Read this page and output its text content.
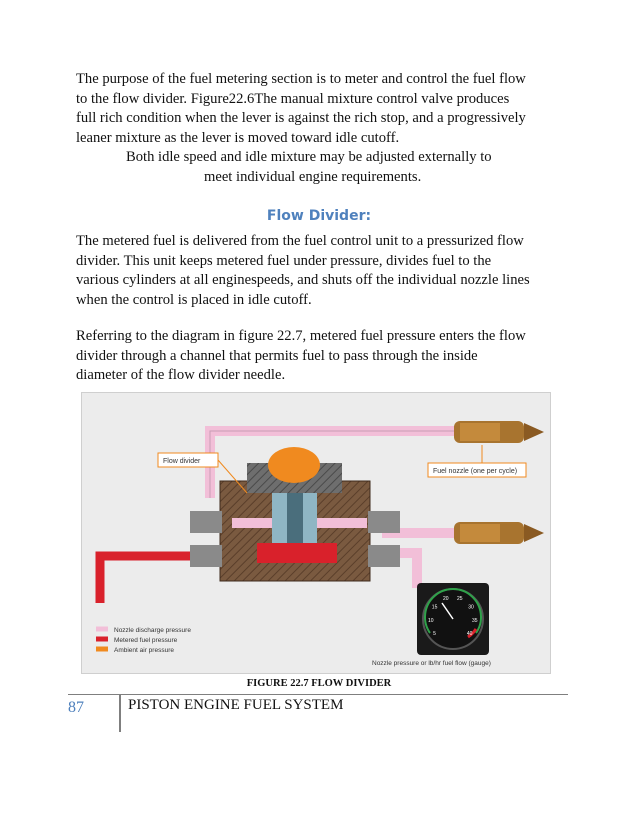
The purpose of the fuel metering section is to meter and control the fuel flow
to the flow divider. Figure22.6The manual mixture control valve produces
full rich condition when the lever is against the rich stop, and a progressively
leaner mixture as the lever is moved toward idle cutoff.
Both idle speed and idle mixture may be adjusted externally to
meet individual engine requirements.
Flow Divider:
The metered fuel is delivered from the fuel control unit to a pressurized flow
divider. This unit keeps metered fuel under pressure, divides fuel to the
various cylinders at all enginespeeds, and shuts off the individual nozzle lines
when the control is placed in idle cutoff.
Referring to the diagram in figure 22.7, metered fuel pressure enters the flow
divider through a channel that permits fuel to pass through the inside
diameter of the flow divider needle.
Flow divider
Fuel nozzle (one per cycle)
5
10
15
20 25
30
35
40
Nozzle discharge pressure
Metered fuel pressure
Ambient air pressure
Nozzle pressure or lb/hr fuel flow (gauge)
FIGURE 22.7 FLOW DIVIDER
87	PISTON ENGINE FUEL SYSTEM
